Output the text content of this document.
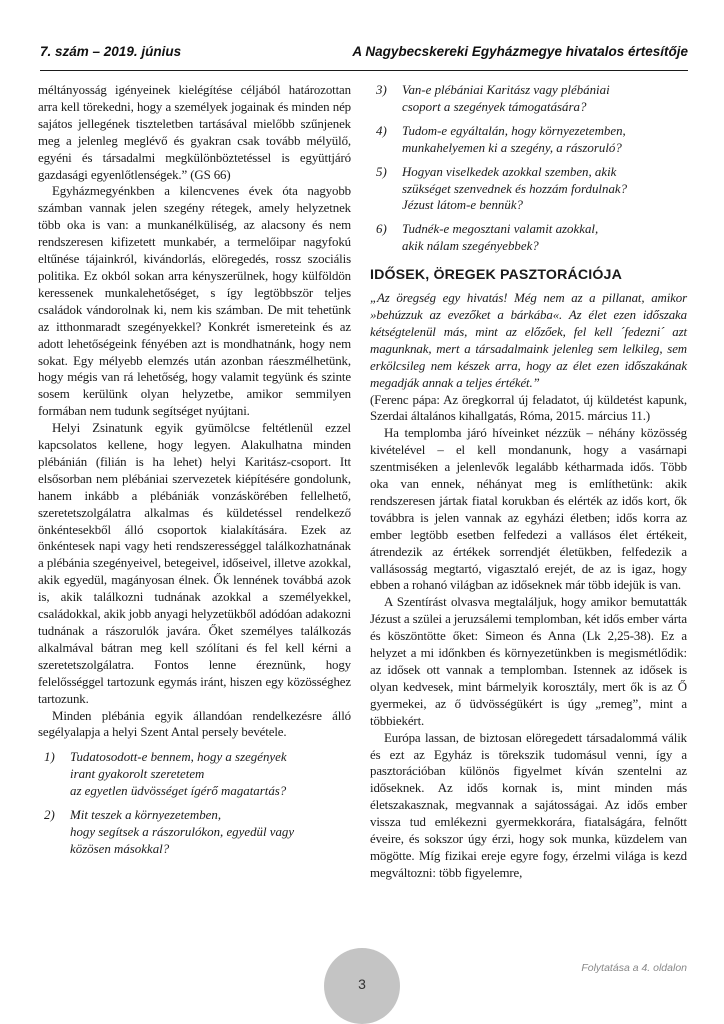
7. szám – 2019. június	A Nagybecskereki Egyházmegye hivatalos értesítője

méltányosság igényeinek kielégítése céljából határozottan arra kell törekedni, hogy a személyek jogainak és minden nép sajátos jellegének tiszteletben tartásával mielőbb szűnjenek meg a jelenleg meglévő és gyakran csak tovább mélyülő, egyéni és társadalmi megkülönböztetéssel is együttjáró gazdasági egyenlőtlenségek.” (GS 66)

Egyházmegyénkben a kilencvenes évek óta nagyobb számban vannak jelen szegény rétegek, amely helyzetnek több oka is van: a munkanélküliség, az alacsony és nem rendszeresen kifizetett munkabér, a termelőipar nagyfokú eltűnése tájainkról, kivándorlás, elöregedés, rossz szociális politika. Ez okból sokan arra kényszerülnek, hogy külföldön keressenek munkalehetőséget, s így legtöbbször teljes családok vándorolnak ki, nem kis számban. De mit tehetünk az itthonmaradt szegényekkel? Konkrét ismereteink és az adott lehetőségeink fényében azt is mondhatnánk, hogy nem sokat. Egy mélyebb elemzés után azonban ráeszmélhetünk, hogy mégis van rá lehetőség, hogy valamit tegyünk és szinte sosem kerülünk olyan helyzetbe, amikor semmilyen formában nem tudunk segítséget nyújtani.

Helyi Zsinatunk egyik gyümölcse feltétlenül ezzel kapcsolatos kellene, hogy legyen. Alakulhatna minden plébánián (filián is ha lehet) helyi Karitász-csoport. Itt elsősorban nem plébániai szervezetek kiépítésére gondolunk, hanem inkább a plébániák vonzáskörében fellelhető, szeretetszolgálatra alkalmas és küldetéssel rendelkező önkéntesekből álló csoportok kialakítására. Ezek az önkéntesek napi vagy heti rendszerességgel találkozhatnának a plébánia szegényeivel, betegeivel, időseivel, illetve azokkal, akik egyedül, magányosan élnek. Ők lennének továbbá azok is, akik találkozni tudnának azokkal a személyekkel, családokkal, akik jobb anyagi helyzetükből adódóan adakozni tudnának a rászorulók javára. Őket személyes találkozás alkalmával bátran meg kell szólítani és fel kell kérni a szeretetszolgálatra. Fontos lenne éreznünk, hogy felelősséggel tartozunk egymás iránt, hiszen egy közösséghez tartozunk.

Minden plébánia egyik állandóan rendelkezésre álló segélyalapja a helyi Szent Antal persely bevétele.

1)	Tudatosodott-e bennem, hogy a szegények
irant gyakorolt szeretetem
az egyetlen üdvösséget ígérő magatartás?
2)	Mit teszek a környezetemben,
hogy segítsek a rászorulókon, egyedül vagy
közösen másokkal?
3)	Van-e plébániai Karitász vagy plébániai
csoport a szegények támogatására?
4)	Tudom-e egyáltalán, hogy környezetemben,
munkahelyemen ki a szegény, a rászoruló?
5)	Hogyan viselkedek azokkal szemben, akik
szükséget szenvednek és hozzám fordulnak?
Jézust látom-e bennük?
6)	Tudnék-e megosztani valamit azokkal,
akik nálam szegényebbek?
IDŐSEK, ÖREGEK PASZTORÁCIÓJA

„Az öregség egy hivatás! Még nem az a pillanat, amikor »behúzzuk az evezőket a bárkába«. Az élet ezen időszaka kétségtelenül más, mint az előzőek, fel kell ´fedezni´ azt magunknak, mert a társadalmaink jelenleg sem lelkileg, sem erkölcsileg nem készek arra, hogy az élet ezen időszakának megadják annak a teljes értékét.”

(Ferenc pápa: Az öregkorral új feladatot, új küldetést kapunk, Szerdai általános kihallgatás, Róma, 2015. március 11.)

Ha templomba járó híveinket nézzük – néhány közösség kivételével – el kell mondanunk, hogy a vasárnapi szentmiséken a jelenlevők legalább kétharmada idős. Több oka van ennek, néhányat meg is említhetünk: akik rendszeresen jártak fiatal korukban és elérték az idős kort, ők továbbra is jelen vannak az egyházi életben; idős korra az ember legtöbb esetben felfedezi a vallásos élet értékeit, átrendezik az értékek sorrendjét életükben, felfedezik a vallásosság megtartó, vigasztaló erejét, de az is igaz, hogy ebben a rohanó világban az időseknek már több idejük is van.

A Szentírást olvasva megtaláljuk, hogy amikor bemutatták Jézust a szülei a jeruzsálemi templomban, két idős ember várta és köszöntötte őket: Simeon és Anna (Lk 2,25-38). Ez a helyzet a mi időnkben és környezetünkben is megismétlődik: az idősek ott vannak a templomban. Istennek az idősek is olyan kedvesek, mint bármelyik korosztály, mert ők is az Ő gyermekei, az ő üdvösségükért is úgy „remeg”, mint a többiekért.

Európa lassan, de biztosan elöregedett társadalommá válik és ezt az Egyház is törekszik tudomásul venni, így a pasztorációban különös figyelmet kíván szentelni az időseknek. Az idős kornak is, mint minden más életszakasznak, megvannak a sajátosságai. Az idős ember vissza tud emlékezni gyermekkorára, fiatalságára, felnőtt éveire, és sokszor úgy érzi, hogy sok munka, küzdelem van mögötte. Míg fizikai ereje egyre fogy, érzelmi világa is kezd megváltozni: több figyelemre,

Folytatása a 4. oldalon
3
